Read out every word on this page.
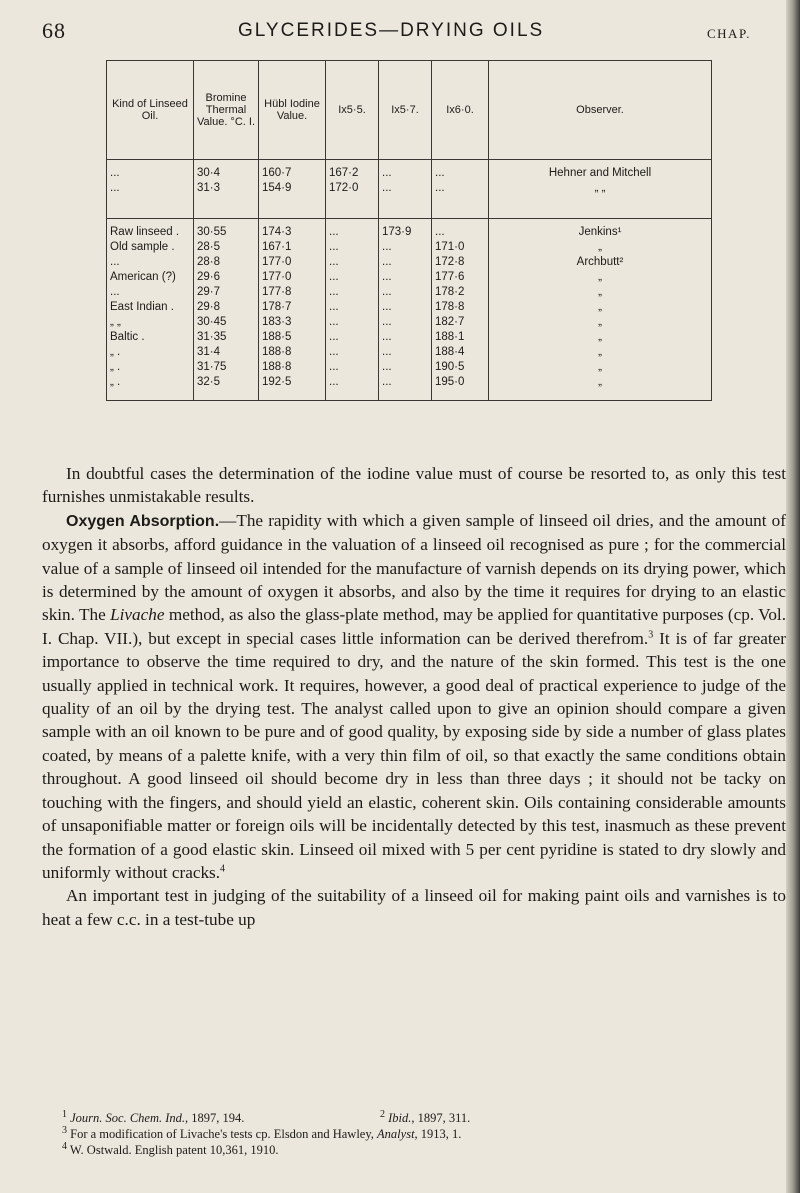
68	GLYCERIDES—DRYING OILS	CHAP.
Kind of Linseed Oil.	Bromine Thermal Value. °C. I.	Hübl Iodine Value.	Ix5·5.	Ix5·7.	Ix6·0.	Observer.

...	30·4	160·7	167·2	...	...	Hehner and Mitchell
...	31·3	154·9	172·0	...	...	„ „

Raw linseed .	30·55	174·3	...	173·9	...	Jenkins¹
Old sample .	28·5	167·1	...	...	171·0	„
...	28·8	177·0	...	...	172·8	Archbutt²
American (?)	29·6	177·0	...	...	177·6	„
...	29·7	177·8	...	...	178·2	„
East Indian .	29·8	178·7	...	...	178·8	„
„ „	30·45	183·3	...	...	182·7	„
Baltic .	31·35	188·5	...	...	188·1	„
„ .	31·4	188·8	...	...	188·4	„
„ .	31·75	188·8	...	...	190·5	„
„ .	32·5	192·5	...	...	195·0	„

In doubtful cases the determination of the iodine value must of course be resorted to, as only this test furnishes unmistakable results.

Oxygen Absorption.—The rapidity with which a given sample of linseed oil dries, and the amount of oxygen it absorbs, afford guidance in the valuation of a linseed oil recognised as pure ; for the commercial value of a sample of linseed oil intended for the manufacture of varnish depends on its drying power, which is determined by the amount of oxygen it absorbs, and also by the time it requires for drying to an elastic skin. The Livache method, as also the glass-plate method, may be applied for quantitative purposes (cp. Vol. I. Chap. VII.), but except in special cases little information can be derived therefrom.$^3$ It is of far greater importance to observe the time required to dry, and the nature of the skin formed. This test is the one usually applied in technical work. It requires, however, a good deal of practical experience to judge of the quality of an oil by the drying test. The analyst called upon to give an opinion should compare a given sample with an oil known to be pure and of good quality, by exposing side by side a number of glass plates coated, by means of a palette knife, with a very thin film of oil, so that exactly the same conditions obtain throughout. A good linseed oil should become dry in less than three days ; it should not be tacky on touching with the fingers, and should yield an elastic, coherent skin. Oils containing considerable amounts of unsaponifiable matter or foreign oils will be incidentally detected by this test, inasmuch as these prevent the formation of a good elastic skin. Linseed oil mixed with 5 per cent pyridine is stated to dry slowly and uniformly without cracks.$^4$

An important test in judging of the suitability of a linseed oil for making paint oils and varnishes is to heat a few c.c. in a test-tube up

$^1$ Journ. Soc. Chem. Ind., 1897, 194.	$^2$ Ibid., 1897, 311.
$^3$ For a modification of Livache's tests cp. Elsdon and Hawley, Analyst, 1913, 1.
$^4$ W. Ostwald. English patent 10,361, 1910.
